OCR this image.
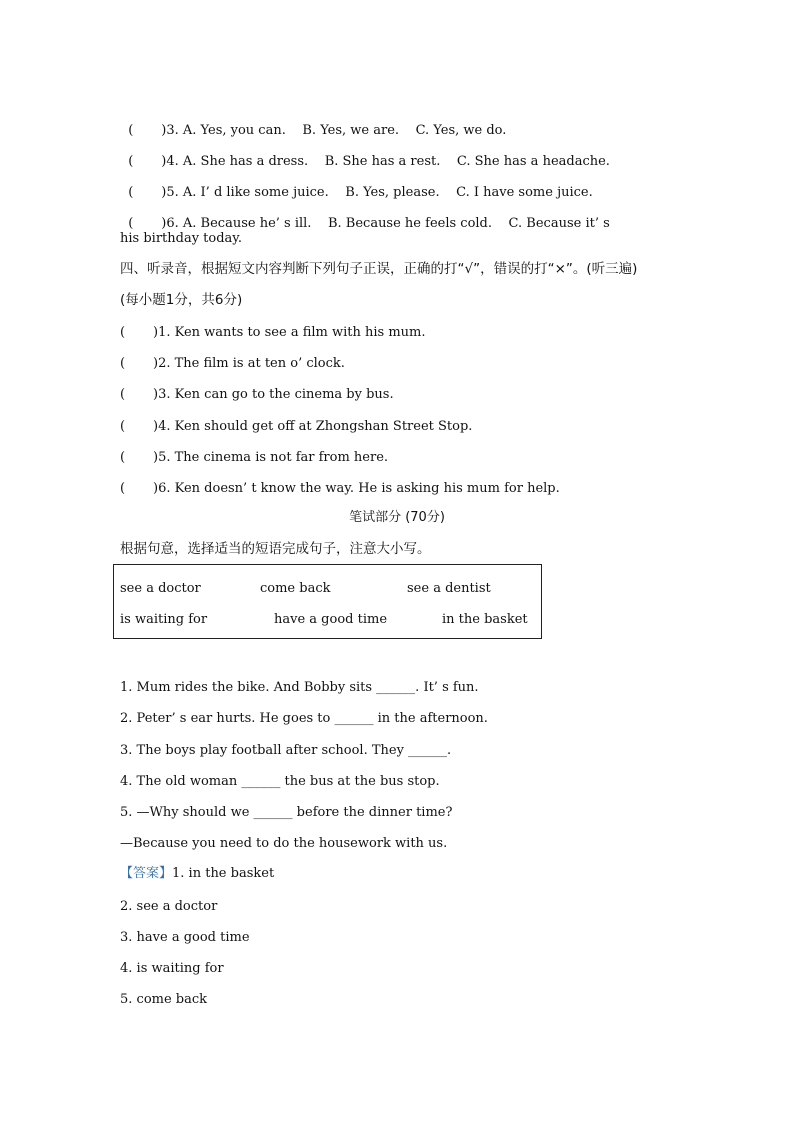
( )3. A. Yes, you can. B. Yes, we are. C. Yes, we do.

( )4. A. She has a dress. B. She has a rest. C. She has a headache.

( )5. A. I’ d like some juice. B. Yes, please. C. I have some juice.

( )6. A. Because he’ s ill. B. Because he feels cold. C. Because it’ s

his birthday today.
四、听录音，根据短文内容判断下列句子正误，正确的打“√”，错误的打“×”。(听三遍)
(每小题1分，共6分)
( )1. Ken wants to see a film with his mum.
( )2. The film is at ten o’ clock.
( )3. Ken can go to the cinema by bus.
( )4. Ken should get off at Zhongshan Street Stop.
( )5. The cinema is not far from here.
( )6. Ken doesn’ t know the way. He is asking his mum for help.
笔试部分 (70分)
根据句意，选择适当的短语完成句子，注意大小写。
see a doctor	come back	see a dentist
is waiting for	have a good time	in the basket
1. Mum rides the bike. And Bobby sits ______. It’ s fun.
2. Peter’ s ear hurts. He goes to ______ in the afternoon.
3. The boys play football after school. They ______.
4. The old woman ______ the bus at the bus stop.
5. —Why should we ______ before the dinner time?
—Because you need to do the housework with us.
【答案】1. in the basket
2. see a doctor
3. have a good time
4. is waiting for
5. come back
